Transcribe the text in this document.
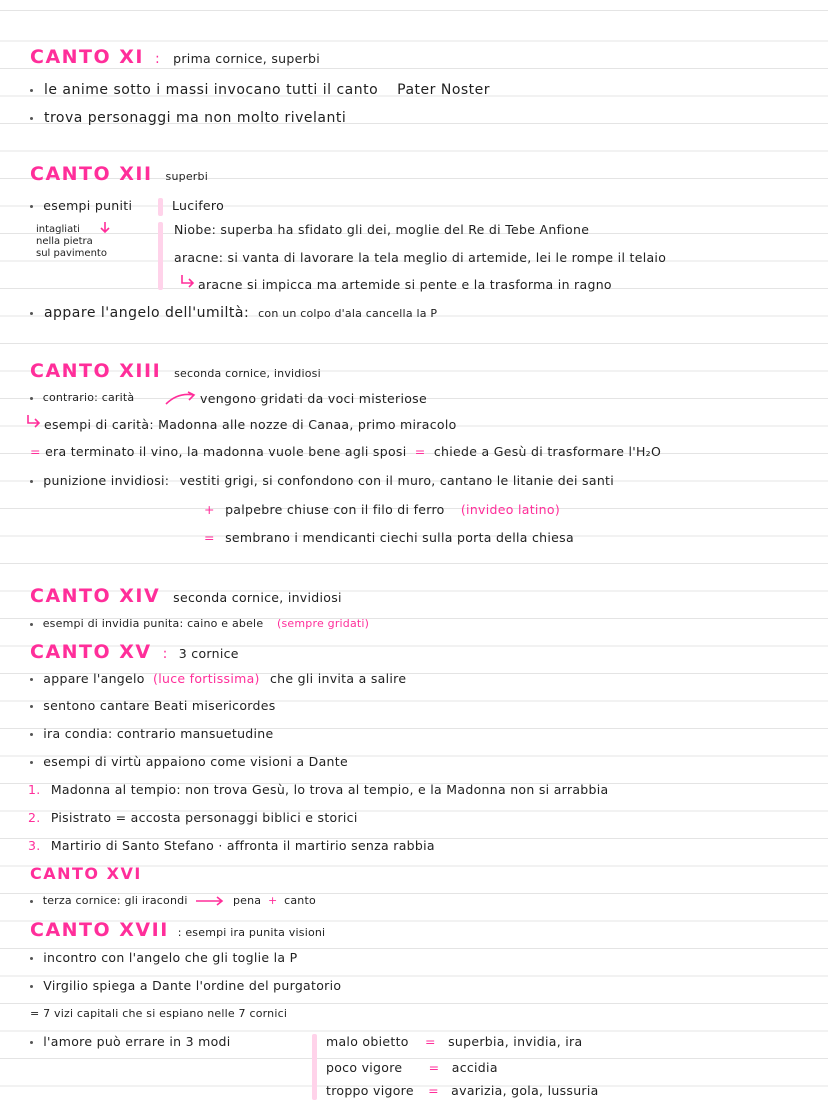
CANTO XI : prima cornice, superbi
le anime sotto i massi invocano tutti il canto Pater Noster
trova personaggi ma non molto rivelanti
CANTO XII superbi
esempi puniti	Lucifero
intagliati
nella pietra
sul pavimento
Niobe: superba ha sfidato gli dei, moglie del Re di Tebe Anfione
aracne: si vanta di lavorare la tela meglio di artemide, lei le rompe il telaio
aracne si impicca ma artemide si pente e la trasforma in ragno
appare l'angelo dell'umiltà: con un colpo d'ala cancella la P
CANTO XIII seconda cornice, invidiosi
contrario: carità	vengono gridati da voci misteriose
esempi di carità: Madonna alle nozze di Canaa, primo miracolo
= era terminato il vino, la madonna vuole bene agli sposi = chiede a Gesù di trasformare l'H₂O
punizione invidiosi: vestiti grigi, si confondono con il muro, cantano le litanie dei santi
+ palpebre chiuse con il filo di ferro (invideo latino)
= sembrano i mendicanti ciechi sulla porta della chiesa
CANTO XIV seconda cornice, invidiosi
esempi di invidia punita: caino e abele (sempre gridati)
CANTO XV : 3 cornice
appare l'angelo (luce fortissima) che gli invita a salire
sentono cantare Beati misericordes
ira condia: contrario mansuetudine
esempi di virtù appaiono come visioni a Dante
1. Madonna al tempio: non trova Gesù, lo trova al tempio, e la Madonna non si arrabbia
2. Pisistrato = accosta personaggi biblici e storici
3. Martirio di Santo Stefano · affronta il martirio senza rabbia
CANTO XVI
terza cornice: gli iracondi	pena + canto
CANTO XVII : esempi ira punita visioni
incontro con l'angelo che gli toglie la P
Virgilio spiega a Dante l'ordine del purgatorio
= 7 vizi capitali che si espiano nelle 7 cornici
l'amore può errare in 3 modi	malo obietto = superbia, invidia, ira
poco vigore = accidia
troppo vigore = avarizia, gola, lussuria
